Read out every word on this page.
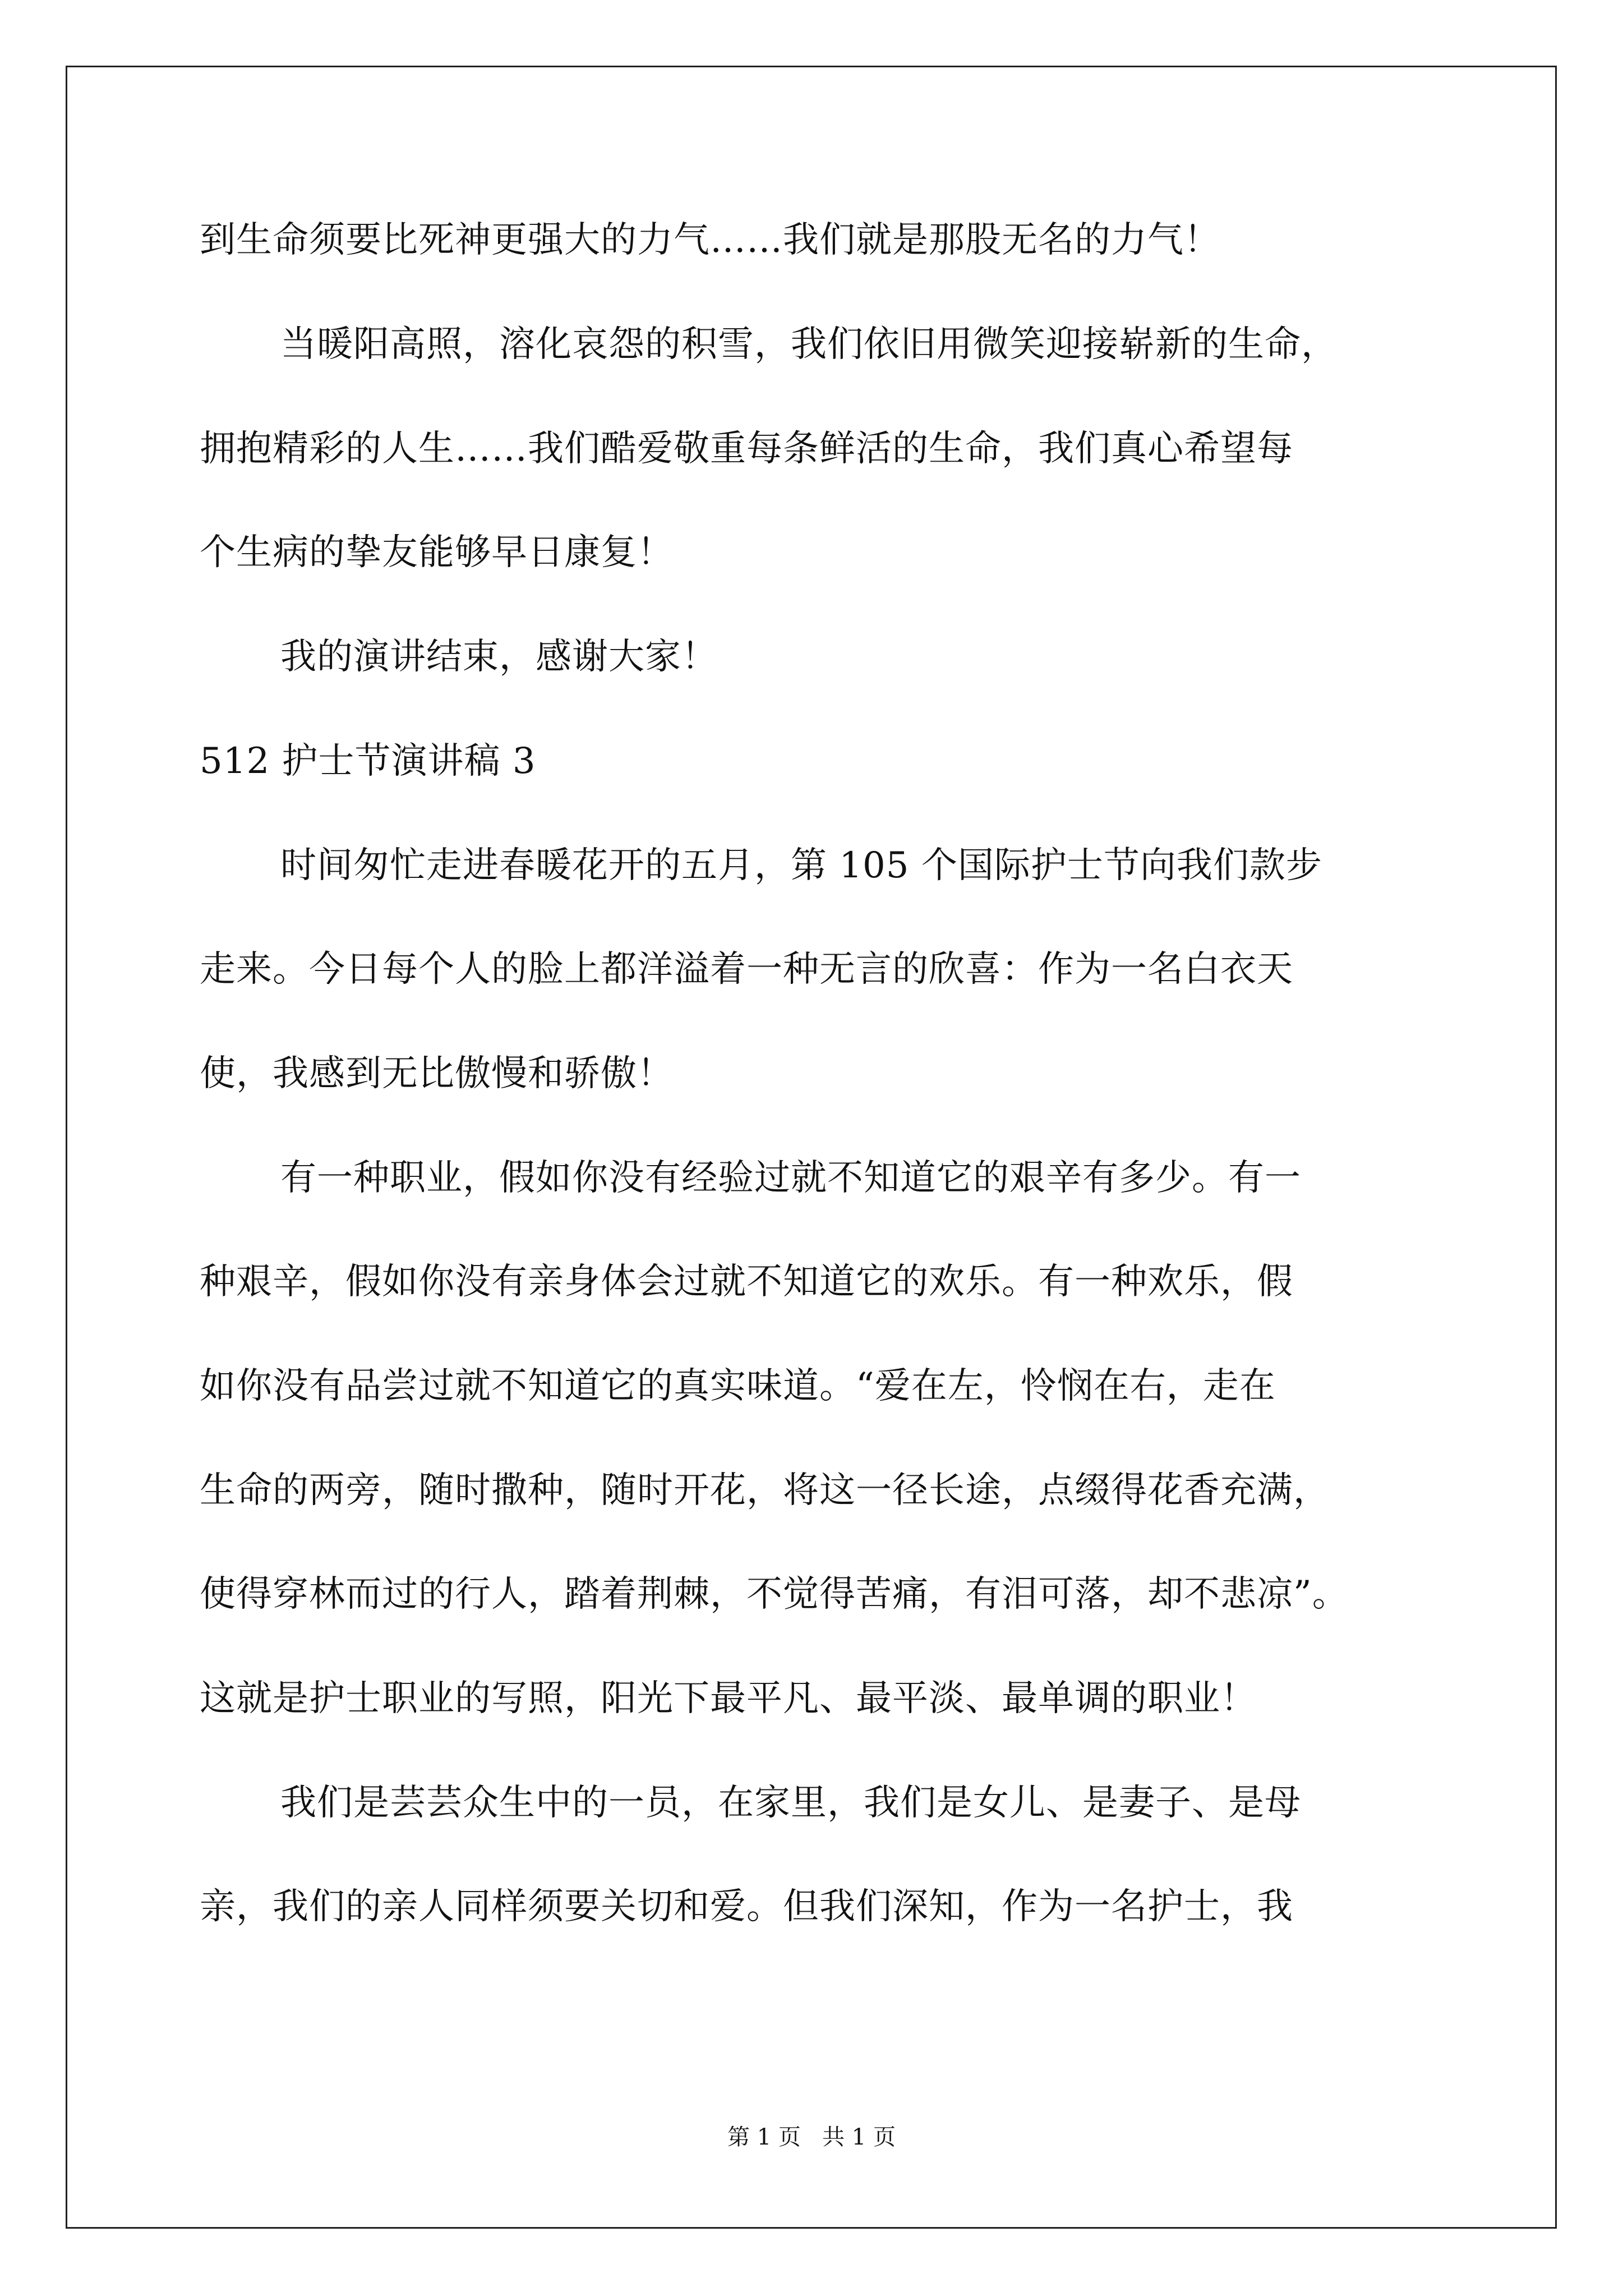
到生命须要比死神更强大的力气……我们就是那股无名的力气！
当暖阳高照，溶化哀怨的积雪，我们依旧用微笑迎接崭新的生命，
拥抱精彩的人生……我们酷爱敬重每条鲜活的生命，我们真心希望每
个生病的挚友能够早日康复！
我的演讲结束，感谢大家！
512 护士节演讲稿 3
时间匆忙走进春暖花开的五月，第 105 个国际护士节向我们款步
走来。今日每个人的脸上都洋溢着一种无言的欣喜：作为一名白衣天
使，我感到无比傲慢和骄傲！
有一种职业，假如你没有经验过就不知道它的艰辛有多少。有一
种艰辛，假如你没有亲身体会过就不知道它的欢乐。有一种欢乐，假
如你没有品尝过就不知道它的真实味道。“爱在左，怜悯在右，走在
生命的两旁，随时撒种，随时开花，将这一径长途，点缀得花香充满，
使得穿林而过的行人，踏着荆棘，不觉得苦痛，有泪可落，却不悲凉”。
这就是护士职业的写照，阳光下最平凡、最平淡、最单调的职业！
我们是芸芸众生中的一员，在家里，我们是女儿、是妻子、是母
亲，我们的亲人同样须要关切和爱。但我们深知，作为一名护士，我
第 1 页   共 1 页
